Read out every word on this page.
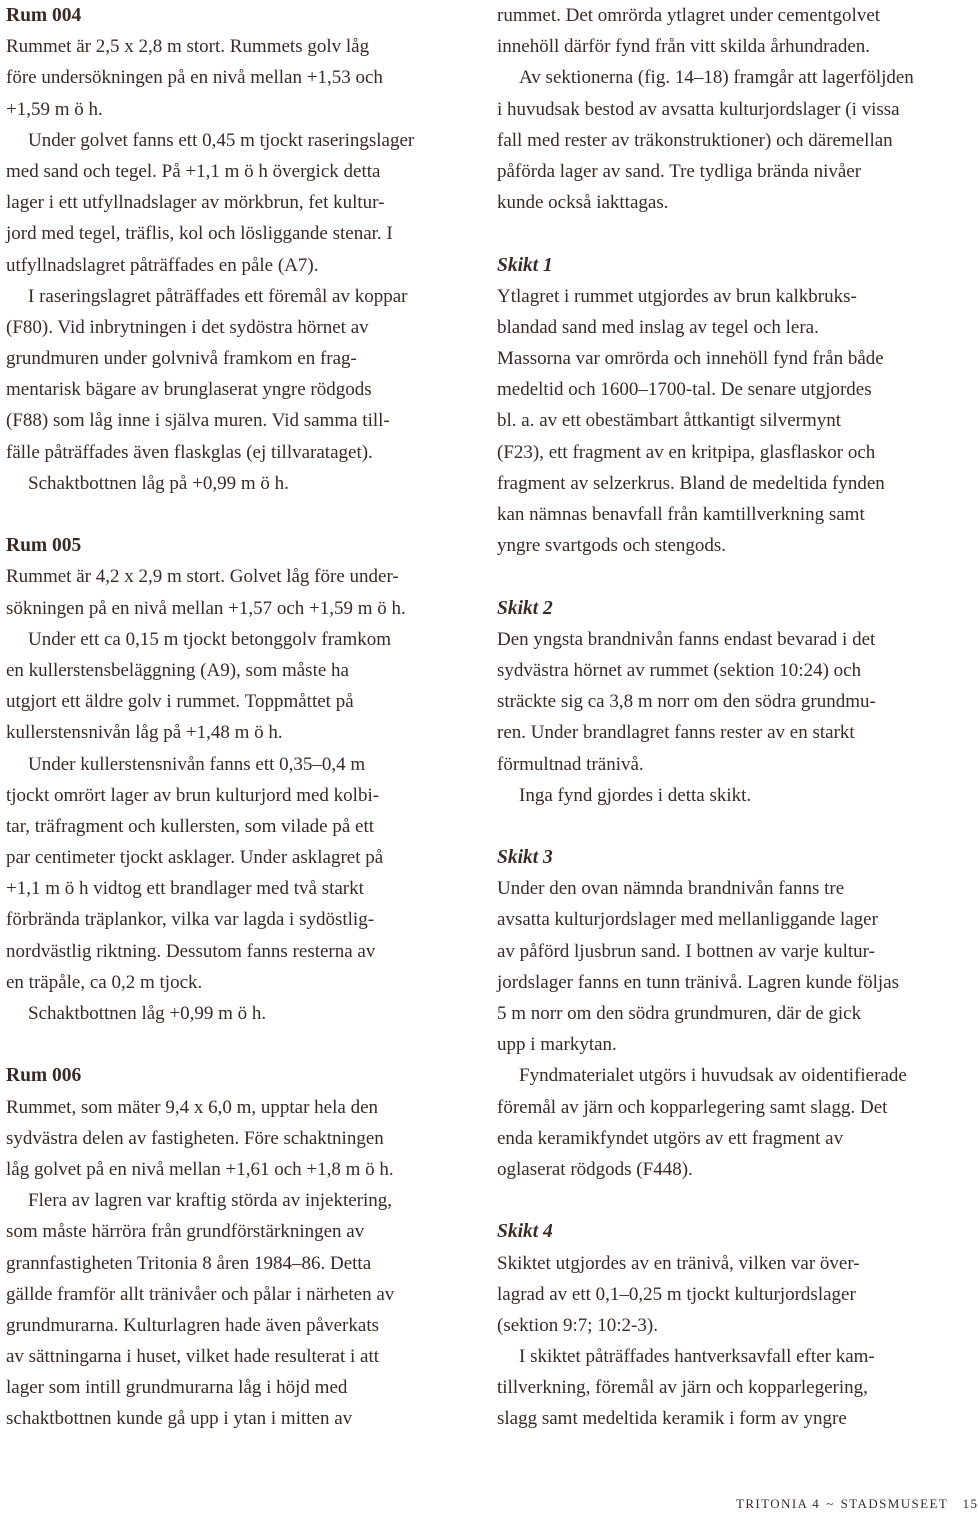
Rum 004
Rummet är 2,5 x 2,8 m stort. Rummets golv låg
före undersökningen på en nivå mellan +1,53 och
+1,59 m ö h.
Under golvet fanns ett 0,45 m tjockt raseringslager
med sand och tegel. På +1,1 m ö h övergick detta
lager i ett utfyllnadslager av mörkbrun, fet kultur-
jord med tegel, träflis, kol och lösliggande stenar. I
utfyllnadslagret påträffades en påle (A7).
I raseringslagret påträffades ett föremål av koppar
(F80). Vid inbrytningen i det sydöstra hörnet av
grundmuren under golvnivå framkom en frag-
mentarisk bägare av brunglaserat yngre rödgods
(F88) som låg inne i själva muren. Vid samma till-
fälle påträffades även flaskglas (ej tillvarataget).
Schaktbottnen låg på +0,99 m ö h.
Rum 005
Rummet är 4,2 x 2,9 m stort. Golvet låg före under-
sökningen på en nivå mellan +1,57 och +1,59 m ö h.
Under ett ca 0,15 m tjockt betonggolv framkom
en kullerstensbeläggning (A9), som måste ha
utgjort ett äldre golv i rummet. Toppmåttet på
kullerstensnivån låg på +1,48 m ö h.
Under kullerstensnivån fanns ett 0,35–0,4 m
tjockt omrört lager av brun kulturjord med kolbi-
tar, träfragment och kullersten, som vilade på ett
par centimeter tjockt asklager. Under asklagret på
+1,1 m ö h vidtog ett brandlager med två starkt
förbrända träplankor, vilka var lagda i sydöstlig-
nordvästlig riktning. Dessutom fanns resterna av
en träpåle, ca 0,2 m tjock.
Schaktbottnen låg +0,99 m ö h.
Rum 006
Rummet, som mäter 9,4 x 6,0 m, upptar hela den
sydvästra delen av fastigheten. Före schaktningen
låg golvet på en nivå mellan +1,61 och +1,8 m ö h.
Flera av lagren var kraftig störda av injektering,
som måste härröra från grundförstärkningen av
grannfastigheten Tritonia 8 åren 1984–86. Detta
gällde framför allt tränivåer och pålar i närheten av
grundmurarna. Kulturlagren hade även påverkats
av sättningarna i huset, vilket hade resulterat i att
lager som intill grundmurarna låg i höjd med
schaktbottnen kunde gå upp i ytan i mitten av
rummet. Det omrörda ytlagret under cementgolvet
innehöll därför fynd från vitt skilda århundraden.
Av sektionerna (fig. 14–18) framgår att lagerföljden
i huvudsak bestod av avsatta kulturjordslager (i vissa
fall med rester av träkonstruktioner) och däremellan
påförda lager av sand. Tre tydliga brända nivåer
kunde också iakttagas.
Skikt 1
Ytlagret i rummet utgjordes av brun kalkbruks-
blandad sand med inslag av tegel och lera.
Massorna var omrörda och innehöll fynd från både
medeltid och 1600–1700-tal. De senare utgjordes
bl. a. av ett obestämbart åttkantigt silvermynt
(F23), ett fragment av en kritpipa, glasflaskor och
fragment av selzerkrus. Bland de medeltida fynden
kan nämnas benavfall från kamtillverkning samt
yngre svartgods och stengods.
Skikt 2
Den yngsta brandnivån fanns endast bevarad i det
sydvästra hörnet av rummet (sektion 10:24) och
sträckte sig ca 3,8 m norr om den södra grundmu-
ren. Under brandlagret fanns rester av en starkt
förmultnad tränivå.
Inga fynd gjordes i detta skikt.
Skikt 3
Under den ovan nämnda brandnivån fanns tre
avsatta kulturjordslager med mellanliggande lager
av påförd ljusbrun sand. I bottnen av varje kultur-
jordslager fanns en tunn tränivå. Lagren kunde följas
5 m norr om den södra grundmuren, där de gick
upp i markytan.
Fyndmaterialet utgörs i huvudsak av oidentifierade
föremål av järn och kopparlegering samt slagg. Det
enda keramikfyndet utgörs av ett fragment av
oglaserat rödgods (F448).
Skikt 4
Skiktet utgjordes av en tränivå, vilken var över-
lagrad av ett 0,1–0,25 m tjockt kulturjordslager
(sektion 9:7; 10:2-3).
I skiktet påträffades hantverksavfall efter kam-
tillverkning, föremål av järn och kopparlegering,
slagg samt medeltida keramik i form av yngre
TRITONIA 4 ~ STADSMUSEET 15
